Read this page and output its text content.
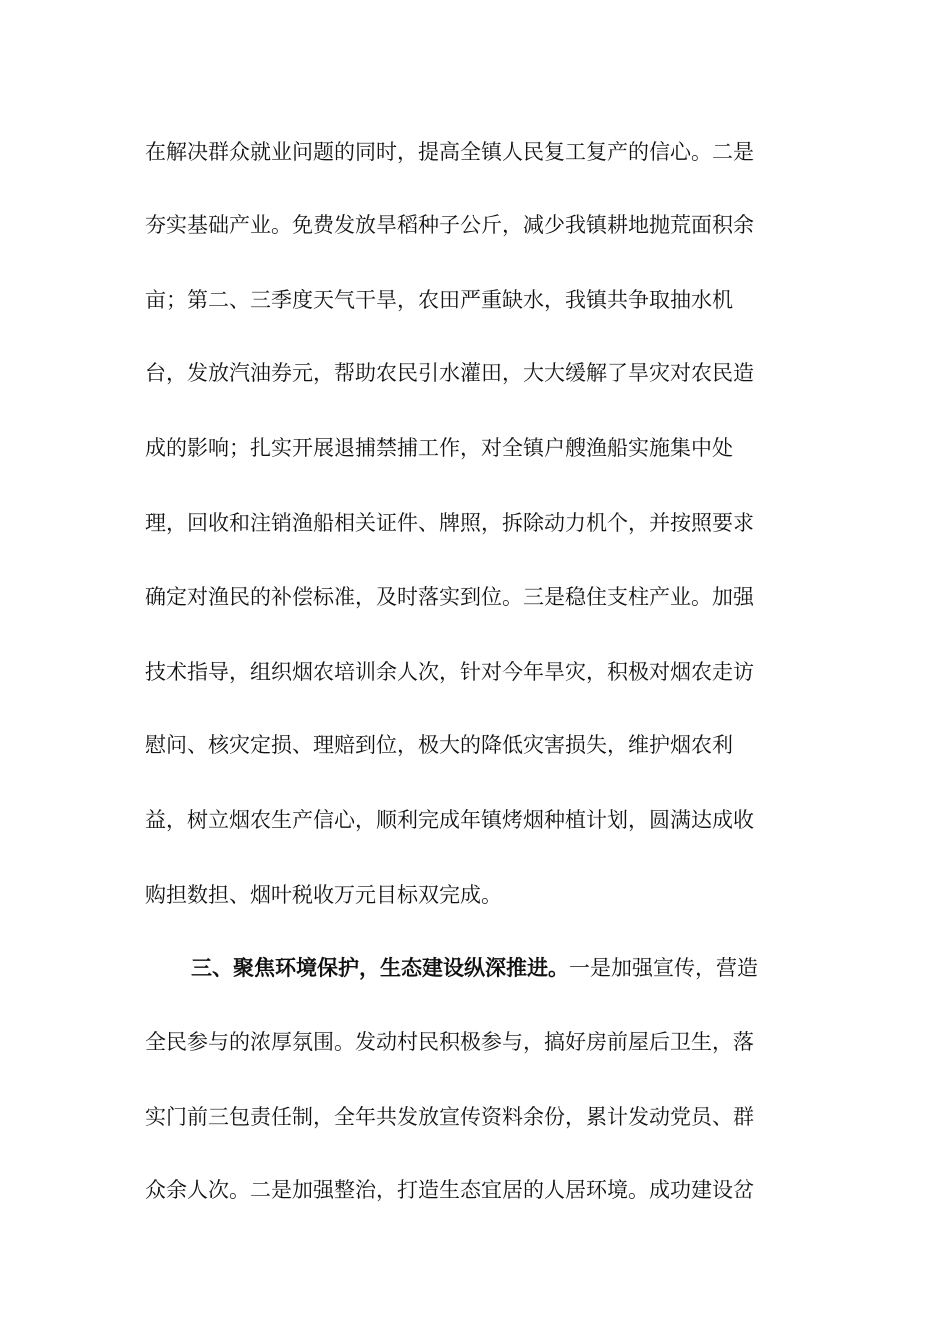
在解决群众就业问题的同时，提高全镇人民复工复产的信心。二是
夯实基础产业。免费发放旱稻种子公斤，减少我镇耕地抛荒面积余
亩；第二、三季度天气干旱，农田严重缺水，我镇共争取抽水机
台，发放汽油券元，帮助农民引水灌田，大大缓解了旱灾对农民造
成的影响；扎实开展退捕禁捕工作，对全镇户艘渔船实施集中处
理，回收和注销渔船相关证件、牌照，拆除动力机个，并按照要求
确定对渔民的补偿标准，及时落实到位。三是稳住支柱产业。加强
技术指导，组织烟农培训余人次，针对今年旱灾，积极对烟农走访
慰问、核灾定损、理赔到位，极大的降低灾害损失，维护烟农利
益，树立烟农生产信心，顺利完成年镇烤烟种植计划，圆满达成收
购担数担、烟叶税收万元目标双完成。
三、聚焦环境保护，生态建设纵深推进。一是加强宣传，营造
全民参与的浓厚氛围。发动村民积极参与，搞好房前屋后卫生，落
实门前三包责任制，全年共发放宣传资料余份，累计发动党员、群
众余人次。二是加强整治，打造生态宜居的人居环境。成功建设岔
